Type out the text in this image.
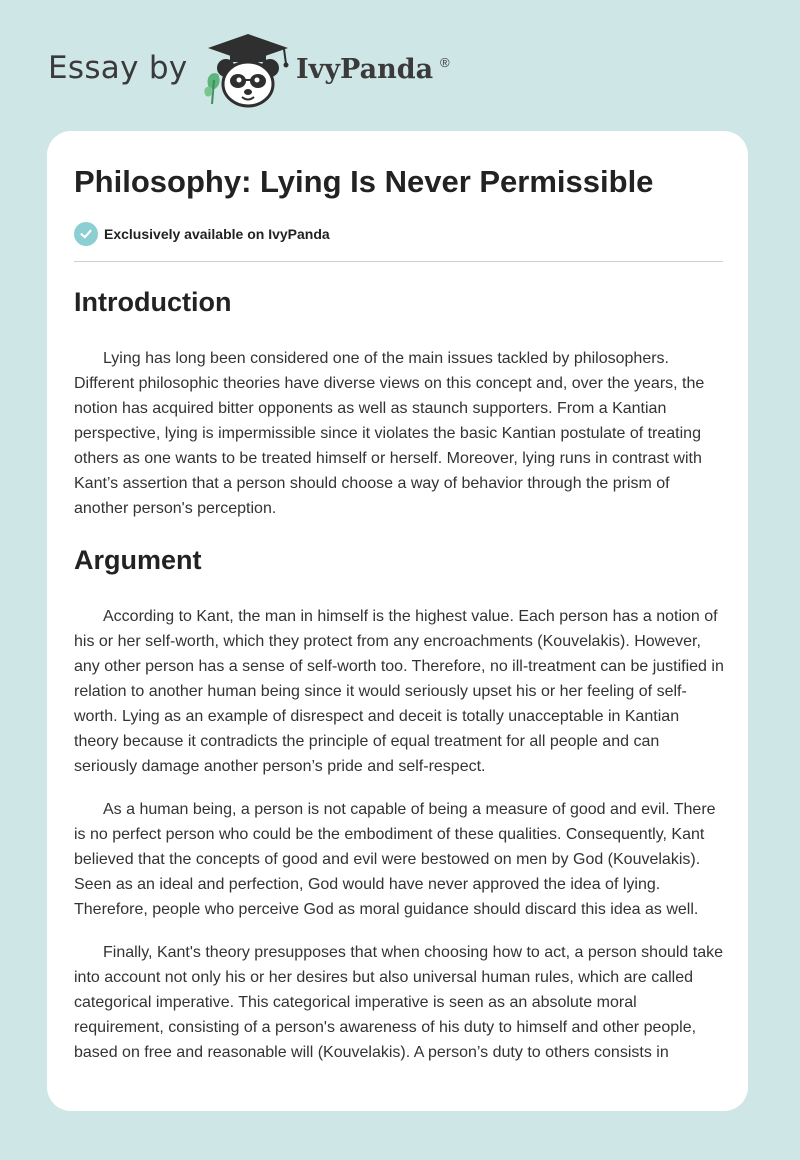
Essay by	IvyPanda ®
Philosophy: Lying Is Never Permissible
Exclusively available on IvyPanda
Introduction

Lying has long been considered one of the main issues tackled by philosophers. Different philosophic theories have diverse views on this concept and, over the years, the notion has acquired bitter opponents as well as staunch supporters. From a Kantian perspective, lying is impermissible since it violates the basic Kantian postulate of treating others as one wants to be treated himself or herself. Moreover, lying runs in contrast with Kant’s assertion that a person should choose a way of behavior through the prism of another person's perception.

Argument

According to Kant, the man in himself is the highest value. Each person has a notion of his or her self-worth, which they protect from any encroachments (Kouvelakis). However, any other person has a sense of self-worth too. Therefore, no ill-treatment can be justified in relation to another human being since it would seriously upset his or her feeling of self-worth. Lying as an example of disrespect and deceit is totally unacceptable in Kantian theory because it contradicts the principle of equal treatment for all people and can seriously damage another person’s pride and self-respect.

As a human being, a person is not capable of being a measure of good and evil. There is no perfect person who could be the embodiment of these qualities. Consequently, Kant believed that the concepts of good and evil were bestowed on men by God (Kouvelakis). Seen as an ideal and perfection, God would have never approved the idea of lying. Therefore, people who perceive God as moral guidance should discard this idea as well.

Finally, Kant's theory presupposes that when choosing how to act, a person should take into account not only his or her desires but also universal human rules, which are called categorical imperative. This categorical imperative is seen as an absolute moral requirement, consisting of a person's awareness of his duty to himself and other people, based on free and reasonable will (Kouvelakis). A person’s duty to others consists in
